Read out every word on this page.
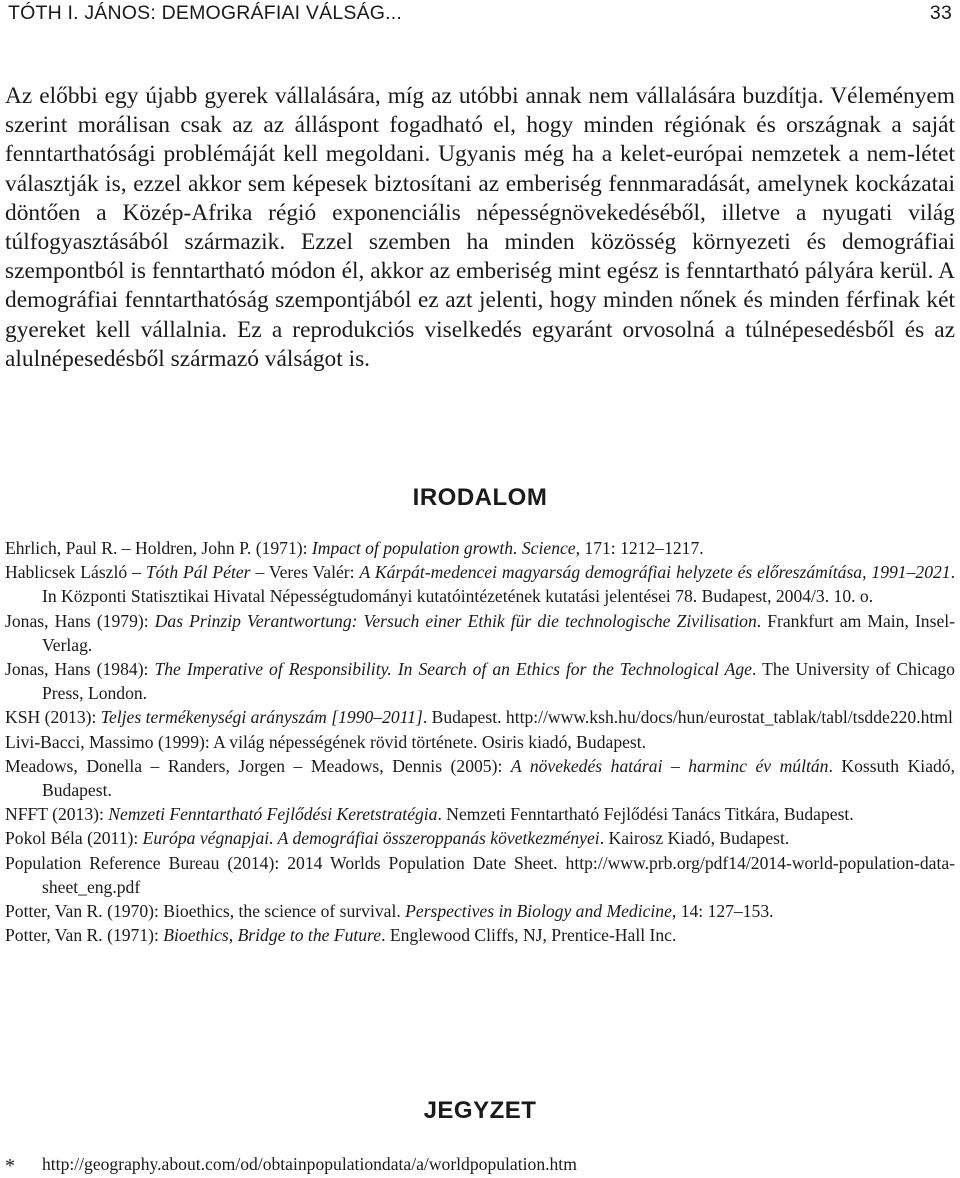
TÓTH I. JÁNOS: DEMOGRÁFIAI VÁLSÁG...	33

Az előbbi egy újabb gyerek vállalására, míg az utóbbi annak nem vállalására buzdítja. Véleményem szerint morálisan csak az az álláspont fogadható el, hogy minden régiónak és országnak a saját fenntarthatósági problémáját kell megoldani. Ugyanis még ha a kelet-európai nemzetek a nem-létet választják is, ezzel akkor sem képesek biztosítani az emberiség fennmaradását, amelynek kockázatai döntően a Közép-Afrika régió exponenciális népességnövekedéséből, illetve a nyugati világ túlfogyasztásából származik. Ezzel szemben ha minden közösség környezeti és demográfiai szempontból is fenntartható módon él, akkor az emberiség mint egész is fenntartható pályára kerül. A demográfiai fenntarthatóság szempontjából ez azt jelenti, hogy minden nőnek és minden férfinak két gyereket kell vállalnia. Ez a reprodukciós viselkedés egyaránt orvosolná a túlnépesedésből és az alulnépesedésből származó válságot is.

IRODALOM
Ehrlich, Paul R. – Holdren, John P. (1971): Impact of population growth. Science, 171: 1212–1217.
Hablicsek László – Tóth Pál Péter – Veres Valér: A Kárpát-medencei magyarság demográfiai helyzete és előreszámítása, 1991–2021. In Központi Statisztikai Hivatal Népességtudományi kutatóintézetének kutatási jelentései 78. Budapest, 2004/3. 10. o.
Jonas, Hans (1979): Das Prinzip Verantwortung: Versuch einer Ethik für die technologische Zivilisation. Frankfurt am Main, Insel-Verlag.
Jonas, Hans (1984): The Imperative of Responsibility. In Search of an Ethics for the Technological Age. The University of Chicago Press, London.
KSH (2013): Teljes termékenységi arányszám [1990–2011]. Budapest. http://www.ksh.hu/docs/hun/eurostat_tablak/tabl/tsdde220.html
Livi-Bacci, Massimo (1999): A világ népességének rövid története. Osiris kiadó, Budapest.
Meadows, Donella – Randers, Jorgen – Meadows, Dennis (2005): A növekedés határai – harminc év múltán. Kossuth Kiadó, Budapest.
NFFT (2013): Nemzeti Fenntartható Fejlődési Keretstratégia. Nemzeti Fenntartható Fejlődési Tanács Titkára, Budapest.
Pokol Béla (2011): Európa végnapjai. A demográfiai összeroppanás következményei. Kairosz Kiadó, Budapest.
Population Reference Bureau (2014): 2014 Worlds Population Date Sheet. http://www.prb.org/pdf14/2014-world-population-data-sheet_eng.pdf
Potter, Van R. (1970): Bioethics, the science of survival. Perspectives in Biology and Medicine, 14: 127–153.
Potter, Van R. (1971): Bioethics, Bridge to the Future. Englewood Cliffs, NJ, Prentice-Hall Inc.
JEGYZET
* http://geography.about.com/od/obtainpopulationdata/a/worldpopulation.htm
